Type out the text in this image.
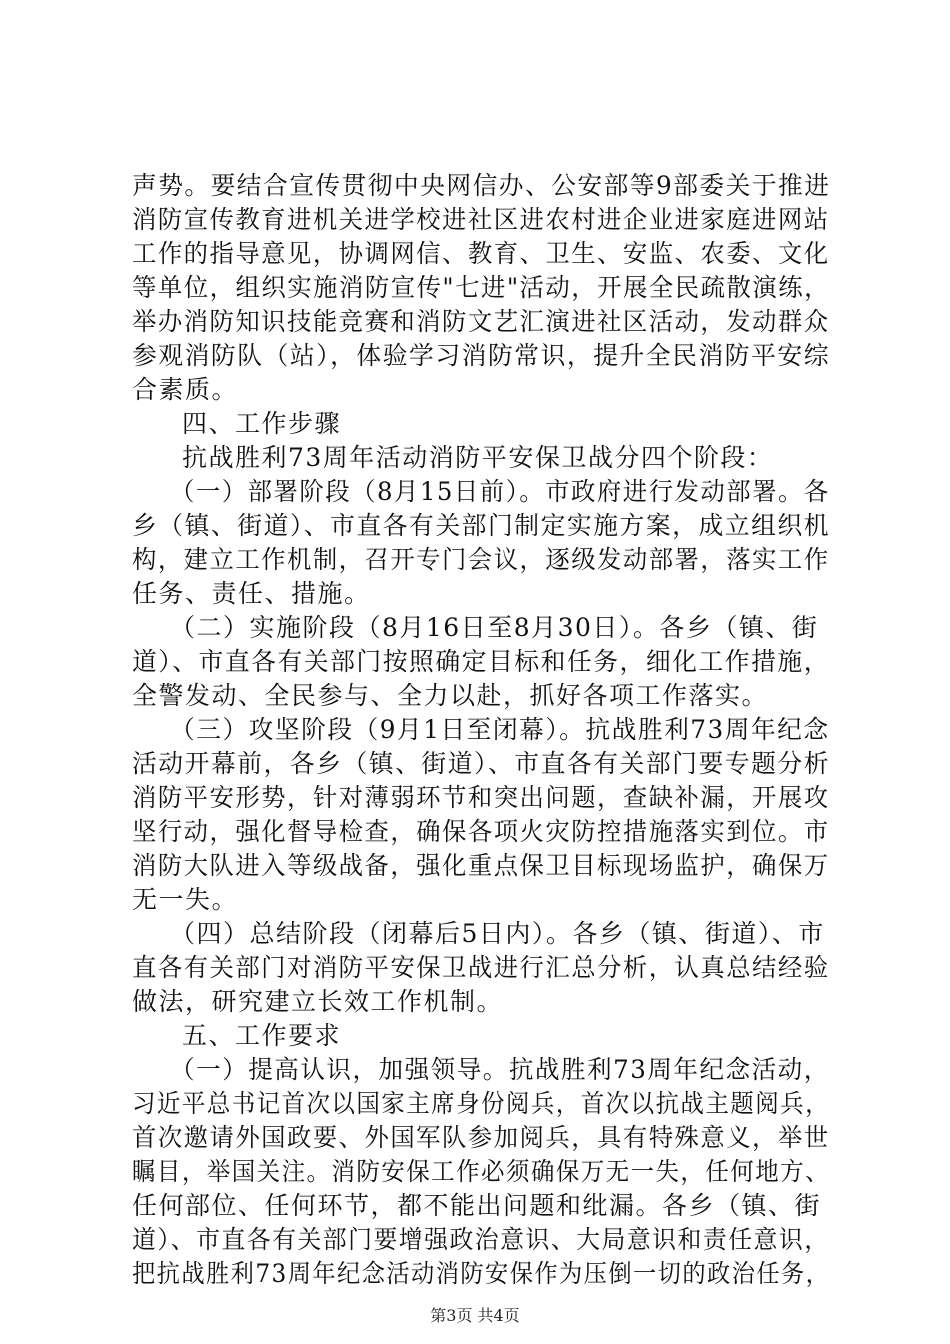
声势。要结合宣传贯彻中央网信办、公安部等9部委关于推进
消防宣传教育进机关进学校进社区进农村进企业进家庭进网站
工作的指导意见，协调网信、教育、卫生、安监、农委、文化
等单位，组织实施消防宣传"七进"活动，开展全民疏散演练，
举办消防知识技能竞赛和消防文艺汇演进社区活动，发动群众
参观消防队（站），体验学习消防常识，提升全民消防平安综
合素质。
四、工作步骤
抗战胜利73周年活动消防平安保卫战分四个阶段：
（一）部署阶段（8月15日前）。市政府进行发动部署。各
乡（镇、街道）、市直各有关部门制定实施方案，成立组织机
构，建立工作机制，召开专门会议，逐级发动部署，落实工作
任务、责任、措施。
（二）实施阶段（8月16日至8月30日）。各乡（镇、街
道）、市直各有关部门按照确定目标和任务，细化工作措施，
全警发动、全民参与、全力以赴，抓好各项工作落实。
（三）攻坚阶段（9月1日至闭幕）。抗战胜利73周年纪念
活动开幕前，各乡（镇、街道）、市直各有关部门要专题分析
消防平安形势，针对薄弱环节和突出问题，查缺补漏，开展攻
坚行动，强化督导检查，确保各项火灾防控措施落实到位。市
消防大队进入等级战备，强化重点保卫目标现场监护，确保万
无一失。
（四）总结阶段（闭幕后5日内）。各乡（镇、街道）、市
直各有关部门对消防平安保卫战进行汇总分析，认真总结经验
做法，研究建立长效工作机制。
五、工作要求
（一）提高认识，加强领导。抗战胜利73周年纪念活动，
习近平总书记首次以国家主席身份阅兵，首次以抗战主题阅兵，
首次邀请外国政要、外国军队参加阅兵，具有特殊意义，举世
瞩目，举国关注。消防安保工作必须确保万无一失，任何地方、
任何部位、任何环节，都不能出问题和纰漏。各乡（镇、街
道）、市直各有关部门要增强政治意识、大局意识和责任意识，
把抗战胜利73周年纪念活动消防安保作为压倒一切的政治任务，
第3页 共4页
